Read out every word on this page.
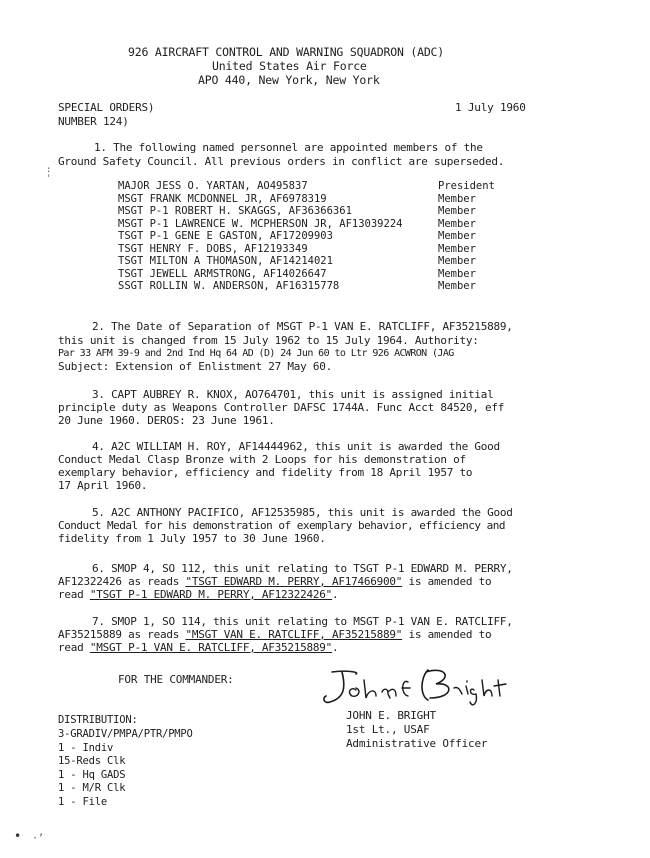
926 AIRCRAFT CONTROL AND WARNING SQUADRON (ADC)
United States Air Force
APO 440, New York, New York
SPECIAL ORDERS)
NUMBER 124)
1 July 1960
1. The following named personnel are appointed members of the
Ground Safety Council. All previous orders in conflict are superseded.
:
'
MAJOR JESS O. YARTAN, AO495837	President
MSGT FRANK MCDONNEL JR, AF6978319	Member
MSGT P-1 ROBERT H. SKAGGS, AF36366361	Member
MSGT P-1 LAWRENCE W. MCPHERSON JR, AF13039224	Member
TSGT P-1 GENE E GASTON, AF17209903	Member
TSGT HENRY F. DOBS, AF12193349	Member
TSGT MILTON A THOMASON, AF14214021	Member
TSGT JEWELL ARMSTRONG, AF14026647	Member
SSGT ROLLIN W. ANDERSON, AF16315778	Member
2. The Date of Separation of MSGT P-1 VAN E. RATCLIFF, AF35215889,
this unit is changed from 15 July 1962 to 15 July 1964. Authority:
Par 33 AFM 39-9 and 2nd Ind Hq 64 AD (D) 24 Jun 60 to Ltr 926 ACWRON (JAG
Subject: Extension of Enlistment 27 May 60.
3. CAPT AUBREY R. KNOX, AO764701, this unit is assigned initial
principle duty as Weapons Controller DAFSC 1744A. Func Acct 84520, eff
20 June 1960. DEROS: 23 June 1961.
4. A2C WILLIAM H. ROY, AF14444962, this unit is awarded the Good
Conduct Medal Clasp Bronze with 2 Loops for his demonstration of
exemplary behavior, efficiency and fidelity from 18 April 1957 to
17 April 1960.
5. A2C ANTHONY PACIFICO, AF12535985, this unit is awarded the Good
Conduct Medal for his demonstration of exemplary behavior, efficiency and
fidelity from 1 July 1957 to 30 June 1960.
6. SMOP 4, SO 112, this unit relating to TSGT P-1 EDWARD M. PERRY,
AF12322426 as reads "TSGT EDWARD M. PERRY, AF17466900" is amended to
read "TSGT P-1 EDWARD M. PERRY, AF12322426".
7. SMOP 1, SO 114, this unit relating to MSGT P-1 VAN E. RATCLIFF,
AF35215889 as reads "MSGT VAN E. RATCLIFF, AF35215889" is amended to
read "MSGT P-1 VAN E. RATCLIFF, AF35215889".
FOR THE COMMANDER:
JOHN E. BRIGHT
1st Lt., USAF
Administrative Officer
DISTRIBUTION:
3-GRADIV/PMPA/PTR/PMPO
1 - Indiv
15-Reds Clk
1 - Hq GADS
1 - M/R Clk
1 - File
• ·’
